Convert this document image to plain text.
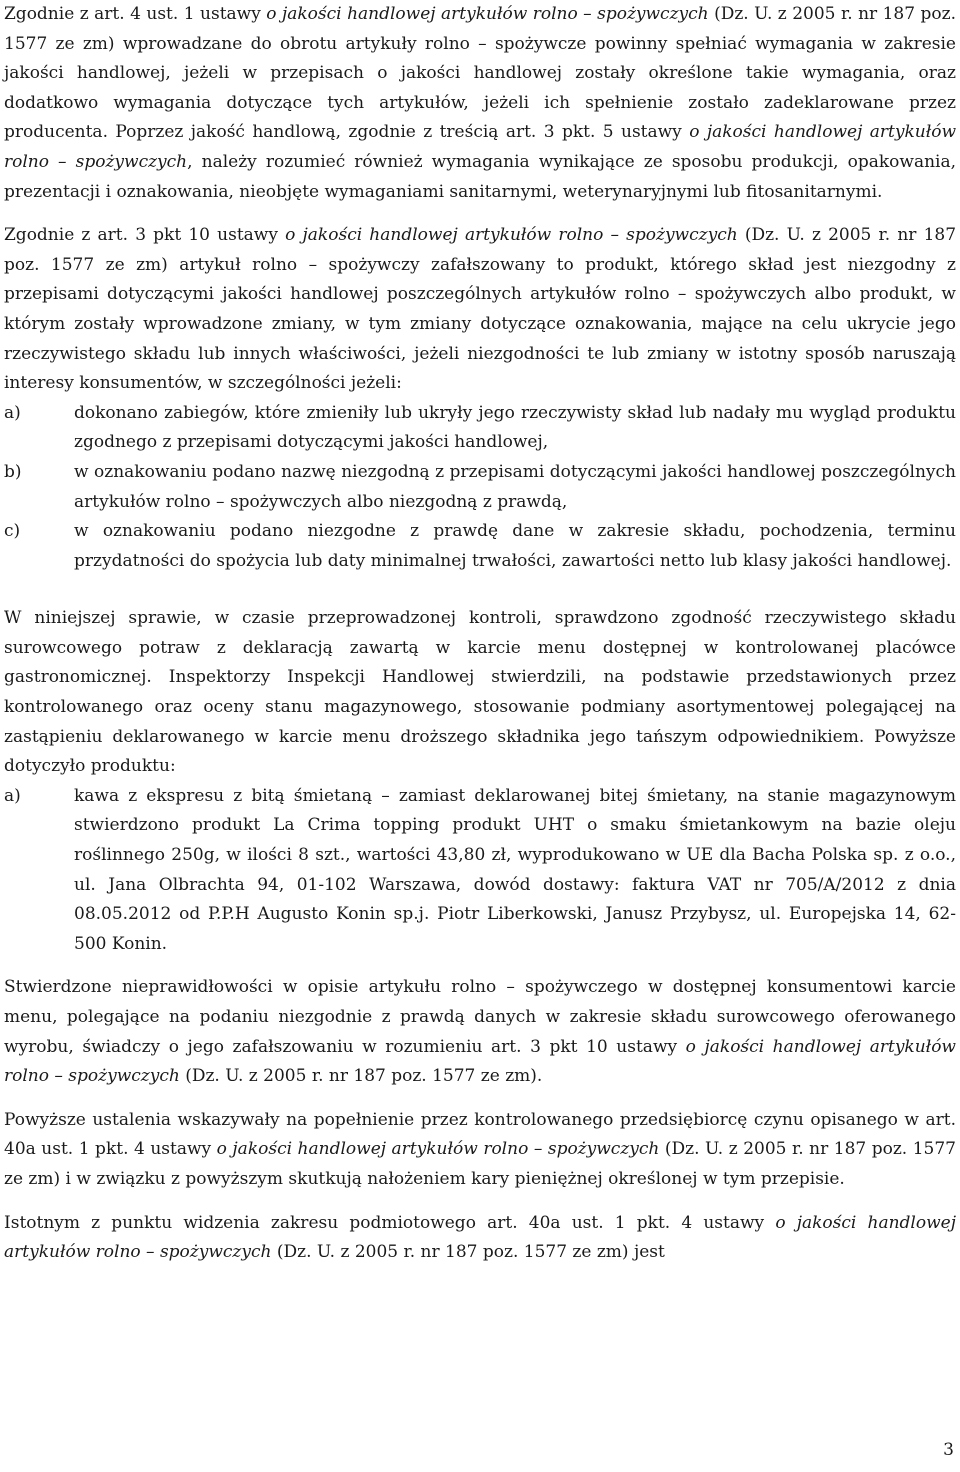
Zgodnie z art. 4 ust. 1 ustawy o jakości handlowej artykułów rolno – spożywczych (Dz. U. z 2005 r. nr 187 poz. 1577 ze zm) wprowadzane do obrotu artykuły rolno – spożywcze powinny spełniać wymagania w zakresie jakości handlowej, jeżeli w przepisach o jakości handlowej zostały określone takie wymagania, oraz dodatkowo wymagania dotyczące tych artykułów, jeżeli ich spełnienie zostało zadeklarowane przez producenta. Poprzez jakość handlową, zgodnie z treścią art. 3 pkt. 5 ustawy o jakości handlowej artykułów rolno – spożywczych, należy rozumieć również wymagania wynikające ze sposobu produkcji, opakowania, prezentacji i oznakowania, nieobjęte wymaganiami sanitarnymi, weterynaryjnymi lub fitosanitarnymi.

Zgodnie z art. 3 pkt 10 ustawy o jakości handlowej artykułów rolno – spożywczych (Dz. U. z 2005 r. nr 187 poz. 1577 ze zm) artykuł rolno – spożywczy zafałszowany to produkt, którego skład jest niezgodny z przepisami dotyczącymi jakości handlowej poszczególnych artykułów rolno – spożywczych albo produkt, w którym zostały wprowadzone zmiany, w tym zmiany dotyczące oznakowania, mające na celu ukrycie jego rzeczywistego składu lub innych właściwości, jeżeli niezgodności te lub zmiany w istotny sposób naruszają interesy konsumentów, w szczególności jeżeli:

a)	dokonano zabiegów, które zmieniły lub ukryły jego rzeczywisty skład lub nadały mu wygląd produktu zgodnego z przepisami dotyczącymi jakości handlowej,
b)	w oznakowaniu podano nazwę niezgodną z przepisami dotyczącymi jakości handlowej poszczególnych artykułów rolno – spożywczych albo niezgodną z prawdą,
c)	w oznakowaniu podano niezgodne z prawdę dane w zakresie składu, pochodzenia, terminu przydatności do spożycia lub daty minimalnej trwałości, zawartości netto lub klasy jakości handlowej.

W niniejszej sprawie, w czasie przeprowadzonej kontroli, sprawdzono zgodność rzeczywistego składu surowcowego potraw z deklaracją zawartą w karcie menu dostępnej w kontrolowanej placówce gastronomicznej. Inspektorzy Inspekcji Handlowej stwierdzili, na podstawie przedstawionych przez kontrolowanego oraz oceny stanu magazynowego, stosowanie podmiany asortymentowej polegającej na zastąpieniu deklarowanego w karcie menu droższego składnika jego tańszym odpowiednikiem. Powyższe dotyczyło produktu:

a)	kawa z ekspresu z bitą śmietaną – zamiast deklarowanej bitej śmietany, na stanie magazynowym stwierdzono produkt La Crima topping produkt UHT o smaku śmietankowym na bazie oleju roślinnego 250g, w ilości 8 szt., wartości 43,80 zł, wyprodukowano w UE dla Bacha Polska sp. z o.o., ul. Jana Olbrachta 94, 01-102 Warszawa, dowód dostawy: faktura VAT nr 705/A/2012 z dnia 08.05.2012 od P.P.H Augusto Konin sp.j. Piotr Liberkowski, Janusz Przybysz, ul. Europejska 14, 62-500 Konin.

Stwierdzone nieprawidłowości w opisie artykułu rolno – spożywczego w dostępnej konsumentowi karcie menu, polegające na podaniu niezgodnie z prawdą danych w zakresie składu surowcowego oferowanego wyrobu, świadczy o jego zafałszowaniu w rozumieniu art. 3 pkt 10 ustawy o jakości handlowej artykułów rolno – spożywczych (Dz. U. z 2005 r. nr 187 poz. 1577 ze zm).

Powyższe ustalenia wskazywały na popełnienie przez kontrolowanego przedsiębiorcę czynu opisanego w art. 40a ust. 1 pkt. 4 ustawy o jakości handlowej artykułów rolno – spożywczych (Dz. U. z 2005 r. nr 187 poz. 1577 ze zm) i w związku z powyższym skutkują nałożeniem kary pieniężnej określonej w tym przepisie.

Istotnym z punktu widzenia zakresu podmiotowego art. 40a ust. 1 pkt. 4 ustawy o jakości handlowej artykułów rolno – spożywczych (Dz. U. z 2005 r. nr 187 poz. 1577 ze zm) jest

3
